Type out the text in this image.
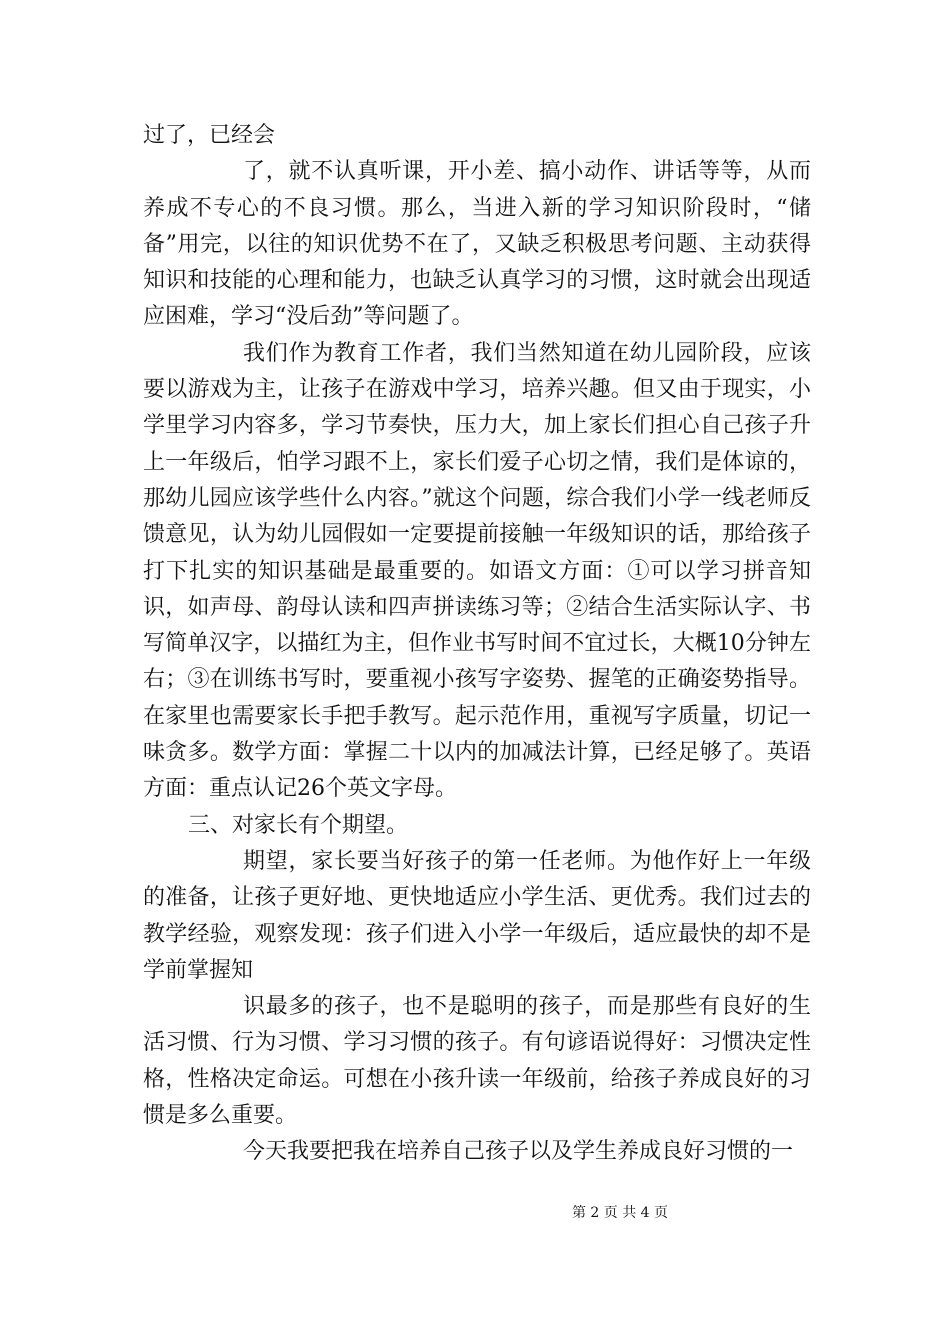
过了，已经会

了，就不认真听课，开小差、搞小动作、讲话等等，从而养成不专心的不良习惯。那么，当进入新的学习知识阶段时，“储备”用完，以往的知识优势不在了，又缺乏积极思考问题、主动获得知识和技能的心理和能力，也缺乏认真学习的习惯，这时就会出现适应困难，学习“没后劲”等问题了。

我们作为教育工作者，我们当然知道在幼儿园阶段，应该要以游戏为主，让孩子在游戏中学习，培养兴趣。但又由于现实，小学里学习内容多，学习节奏快，压力大，加上家长们担心自己孩子升上一年级后，怕学习跟不上，家长们爱子心切之情，我们是体谅的，那幼儿园应该学些什么内容。”就这个问题，综合我们小学一线老师反馈意见，认为幼儿园假如一定要提前接触一年级知识的话，那给孩子打下扎实的知识基础是最重要的。如语文方面：①可以学习拼音知识，如声母、韵母认读和四声拼读练习等；②结合生活实际认字、书写简单汉字，以描红为主，但作业书写时间不宜过长，大概10分钟左右；③在训练书写时，要重视小孩写字姿势、握笔的正确姿势指导。在家里也需要家长手把手教写。起示范作用，重视写字质量，切记一味贪多。数学方面：掌握二十以内的加减法计算，已经足够了。英语方面：重点认记26个英文字母。

三、对家长有个期望。

期望，家长要当好孩子的第一任老师。为他作好上一年级的准备，让孩子更好地、更快地适应小学生活、更优秀。我们过去的教学经验，观察发现：孩子们进入小学一年级后，适应最快的却不是学前掌握知

识最多的孩子，也不是聪明的孩子，而是那些有良好的生活习惯、行为习惯、学习习惯的孩子。有句谚语说得好：习惯决定性格，性格决定命运。可想在小孩升读一年级前，给孩子养成良好的习惯是多么重要。

今天我要把我在培养自己孩子以及学生养成良好习惯的一

第 2 页 共 4 页
